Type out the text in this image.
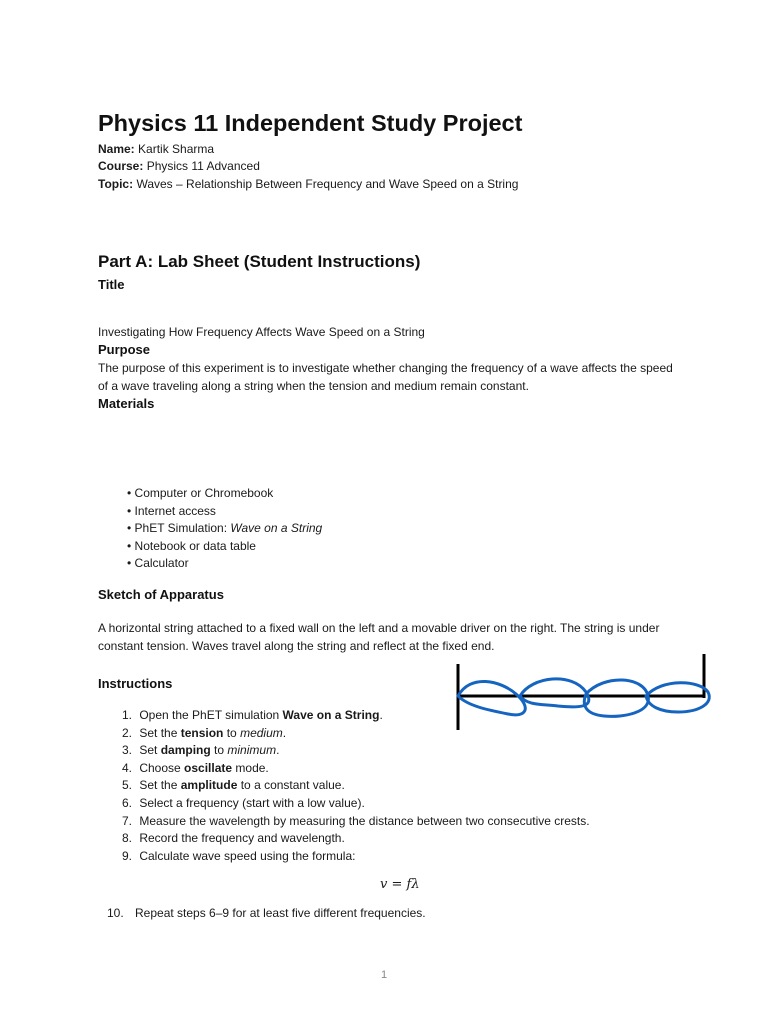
Physics 11 Independent Study Project
Name: Kartik Sharma
Course: Physics 11 Advanced
Topic: Waves – Relationship Between Frequency and Wave Speed on a String
Part A: Lab Sheet (Student Instructions)
Title
Investigating How Frequency Affects Wave Speed on a String
Purpose
The purpose of this experiment is to investigate whether changing the frequency of a wave affects the speed of a wave traveling along a string when the tension and medium remain constant.
Materials
• Computer or Chromebook
• Internet access
• PhET Simulation: Wave on a String
• Notebook or data table
• Calculator
Sketch of Apparatus
A horizontal string attached to a fixed wall on the left and a movable driver on the right. The string is under constant tension. Waves travel along the string and reflect at the fixed end.
Instructions
1. Open the PhET simulation Wave on a String.
2. Set the tension to medium.
3. Set damping to minimum.
4. Choose oscillate mode.
5. Set the amplitude to a constant value.
6. Select a frequency (start with a low value).
7. Measure the wavelength by measuring the distance between two consecutive crests.
8. Record the frequency and wavelength.
9. Calculate wave speed using the formula:
v = fλ
10. Repeat steps 6–9 for at least five different frequencies.
1
